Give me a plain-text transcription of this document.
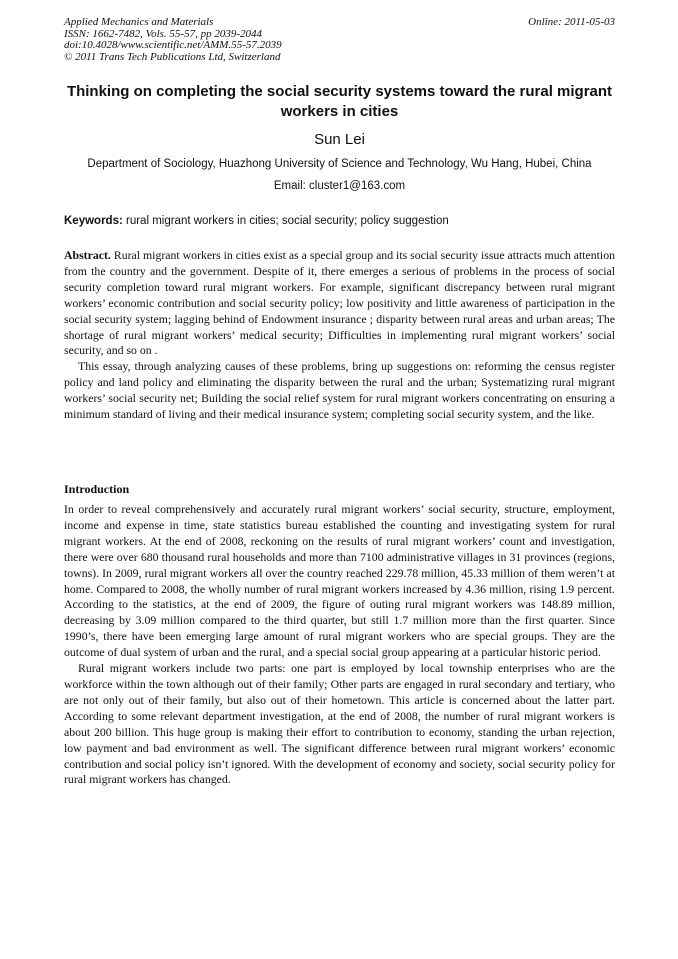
Applied Mechanics and Materials
ISSN: 1662-7482, Vols. 55-57, pp 2039-2044
doi:10.4028/www.scientific.net/AMM.55-57.2039
© 2011 Trans Tech Publications Ltd, Switzerland
Online: 2011-05-03
Thinking on completing the social security systems toward the rural migrant workers in cities
Sun Lei
Department of Sociology, Huazhong University of Science and Technology, Wu Hang, Hubei, China
Email: cluster1@163.com
Keywords: rural migrant workers in cities; social security; policy suggestion

Abstract. Rural migrant workers in cities exist as a special group and its social security issue attracts much attention from the country and the government. Despite of it, there emerges a serious of problems in the process of social security completion toward rural migrant workers. For example, significant discrepancy between rural migrant workers’ economic contribution and social security policy; low positivity and little awareness of participation in the social security system; lagging behind of Endowment insurance ; disparity between rural areas and urban areas; The shortage of rural migrant workers’ medical security; Difficulties in implementing rural migrant workers’ social security, and so on .

This essay, through analyzing causes of these problems, bring up suggestions on: reforming the census register policy and land policy and eliminating the disparity between the rural and the urban; Systematizing rural migrant workers’ social security net; Building the social relief system for rural migrant workers concentrating on ensuring a minimum standard of living and their medical insurance system; completing social security system, and the like.

Introduction

In order to reveal comprehensively and accurately rural migrant workers’ social security, structure, employment, income and expense in time, state statistics bureau established the counting and investigating system for rural migrant workers. At the end of 2008, reckoning on the results of rural migrant workers’ count and investigation, there were over 680 thousand rural households and more than 7100 administrative villages in 31 provinces (regions, towns). In 2009, rural migrant workers all over the country reached 229.78 million, 45.33 million of them weren’t at home. Compared to 2008, the wholly number of rural migrant workers increased by 4.36 million, rising 1.9 percent. According to the statistics, at the end of 2009, the figure of outing rural migrant workers was 148.89 million, decreasing by 3.09 million compared to the third quarter, but still 1.7 million more than the first quarter. Since 1990’s, there have been emerging large amount of rural migrant workers who are special groups. They are the outcome of dual system of urban and the rural, and a special social group appearing at a particular historic period.

Rural migrant workers include two parts: one part is employed by local township enterprises who are the workforce within the town although out of their family; Other parts are engaged in rural secondary and tertiary, who are not only out of their family, but also out of their hometown. This article is concerned about the latter part. According to some relevant department investigation, at the end of 2008, the number of rural migrant workers is about 200 billion. This huge group is making their effort to contribution to economy, standing the urban rejection, low payment and bad environment as well. The significant difference between rural migrant workers’ economic contribution and social policy isn’t ignored. With the development of economy and society, social security policy for rural migrant workers has changed.
